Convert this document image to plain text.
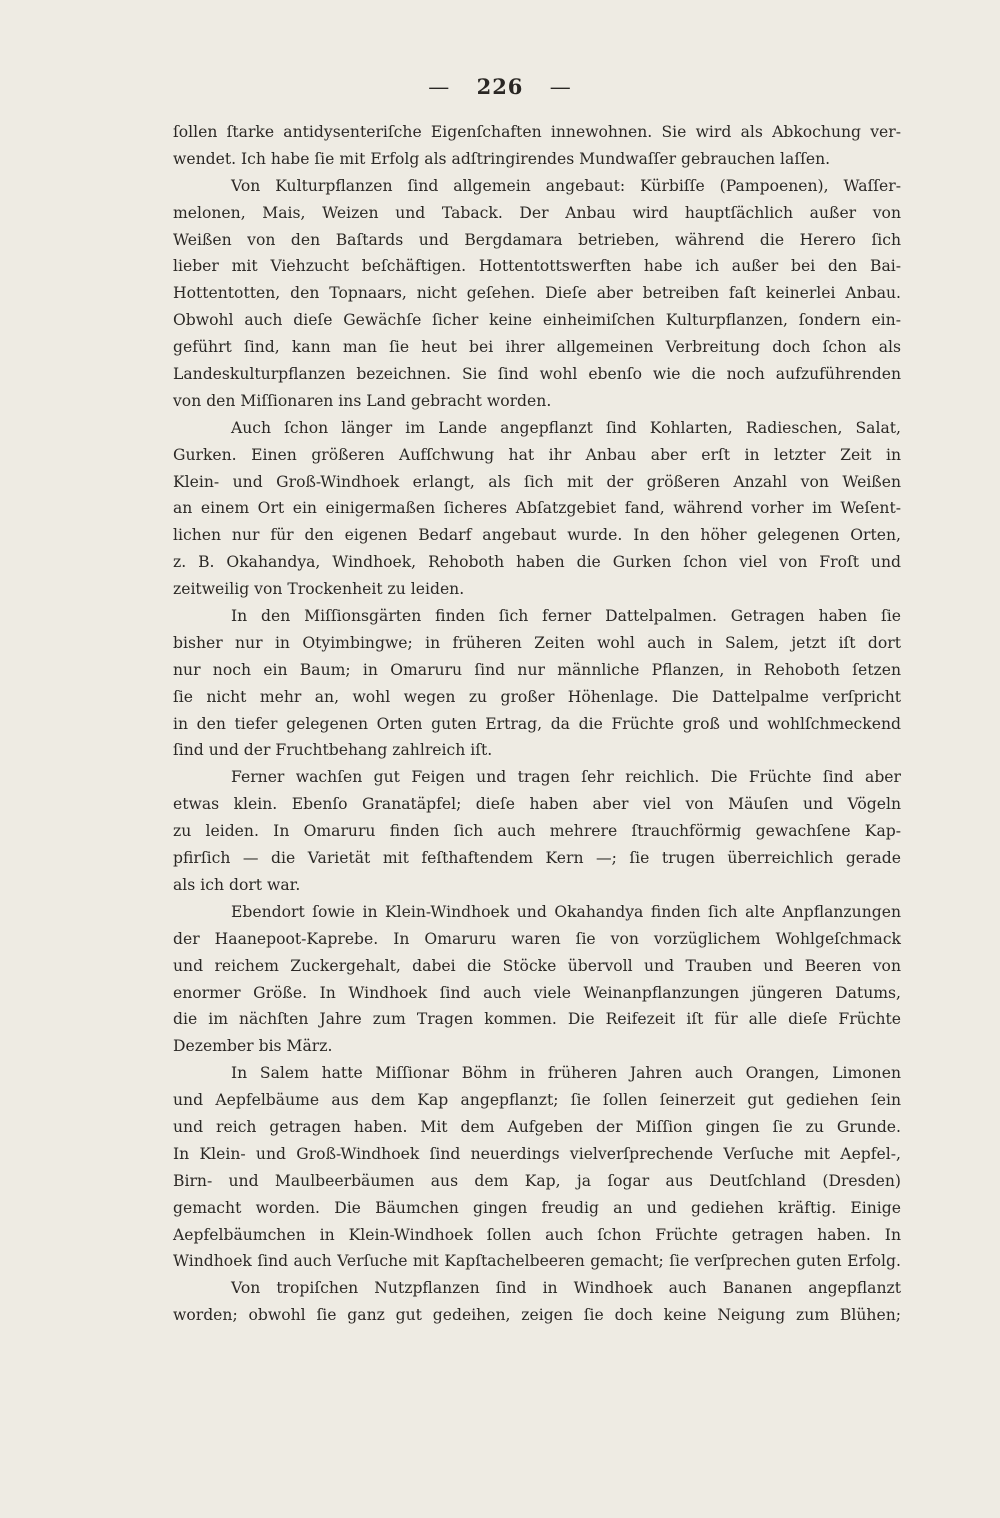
— 226 —
ſollen ſtarke antidysenteriſche Eigenſchaften innewohnen. Sie wird als Abkochung ver-
wendet. Ich habe ſie mit Erfolg als adſtringirendes Mundwaſſer gebrauchen laſſen.
Von Kulturpflanzen ſind allgemein angebaut: Kürbiſſe (Pampoenen), Waſſer-
melonen, Mais, Weizen und Taback. Der Anbau wird hauptſächlich außer von
Weißen von den Baſtards und Bergdamara betrieben, während die Herero ſich
lieber mit Viehzucht beſchäftigen. Hottentottswerften habe ich außer bei den Bai-
Hottentotten, den Topnaars, nicht geſehen. Dieſe aber betreiben faſt keinerlei Anbau.
Obwohl auch dieſe Gewächſe ſicher keine einheimiſchen Kulturpflanzen, ſondern ein-
geführt ſind, kann man ſie heut bei ihrer allgemeinen Verbreitung doch ſchon als
Landeskulturpflanzen bezeichnen. Sie ſind wohl ebenſo wie die noch aufzuführenden
von den Miſſionaren ins Land gebracht worden.
Auch ſchon länger im Lande angepflanzt ſind Kohlarten, Radieschen, Salat,
Gurken. Einen größeren Aufſchwung hat ihr Anbau aber erſt in letzter Zeit in
Klein- und Groß-Windhoek erlangt, als ſich mit der größeren Anzahl von Weißen
an einem Ort ein einigermaßen ſicheres Abſatzgebiet fand, während vorher im Weſent-
lichen nur für den eigenen Bedarf angebaut wurde. In den höher gelegenen Orten,
z. B. Okahandya, Windhoek, Rehoboth haben die Gurken ſchon viel von Froſt und
zeitweilig von Trockenheit zu leiden.
In den Miſſionsgärten finden ſich ferner Dattelpalmen. Getragen haben ſie
bisher nur in Otyimbingwe; in früheren Zeiten wohl auch in Salem, jetzt iſt dort
nur noch ein Baum; in Omaruru ſind nur männliche Pflanzen, in Rehoboth ſetzen
ſie nicht mehr an, wohl wegen zu großer Höhenlage. Die Dattelpalme verſpricht
in den tiefer gelegenen Orten guten Ertrag, da die Früchte groß und wohlſchmeckend
ſind und der Fruchtbehang zahlreich iſt.
Ferner wachſen gut Feigen und tragen ſehr reichlich. Die Früchte ſind aber
etwas klein. Ebenſo Granatäpfel; dieſe haben aber viel von Mäuſen und Vögeln
zu leiden. In Omaruru finden ſich auch mehrere ſtrauchförmig gewachſene Kap-
pfirſich — die Varietät mit feſthaftendem Kern —; ſie trugen überreichlich gerade
als ich dort war.
Ebendort ſowie in Klein-Windhoek und Okahandya finden ſich alte Anpflanzungen
der Haanepoot-Kaprebe. In Omaruru waren ſie von vorzüglichem Wohlgeſchmack
und reichem Zuckergehalt, dabei die Stöcke übervoll und Trauben und Beeren von
enormer Größe. In Windhoek ſind auch viele Weinanpflanzungen jüngeren Datums,
die im nächſten Jahre zum Tragen kommen. Die Reifezeit iſt für alle dieſe Früchte
Dezember bis März.
In Salem hatte Miſſionar Böhm in früheren Jahren auch Orangen, Limonen
und Aepfelbäume aus dem Kap angepflanzt; ſie ſollen ſeinerzeit gut gediehen ſein
und reich getragen haben. Mit dem Aufgeben der Miſſion gingen ſie zu Grunde.
In Klein- und Groß-Windhoek ſind neuerdings vielverſprechende Verſuche mit Aepfel-,
Birn- und Maulbeerbäumen aus dem Kap, ja ſogar aus Deutſchland (Dresden)
gemacht worden. Die Bäumchen gingen freudig an und gediehen kräftig. Einige
Aepfelbäumchen in Klein-Windhoek ſollen auch ſchon Früchte getragen haben. In
Windhoek ſind auch Verſuche mit Kapſtachelbeeren gemacht; ſie verſprechen guten Erfolg.
Von tropiſchen Nutzpflanzen ſind in Windhoek auch Bananen angepflanzt
worden; obwohl ſie ganz gut gedeihen, zeigen ſie doch keine Neigung zum Blühen;
